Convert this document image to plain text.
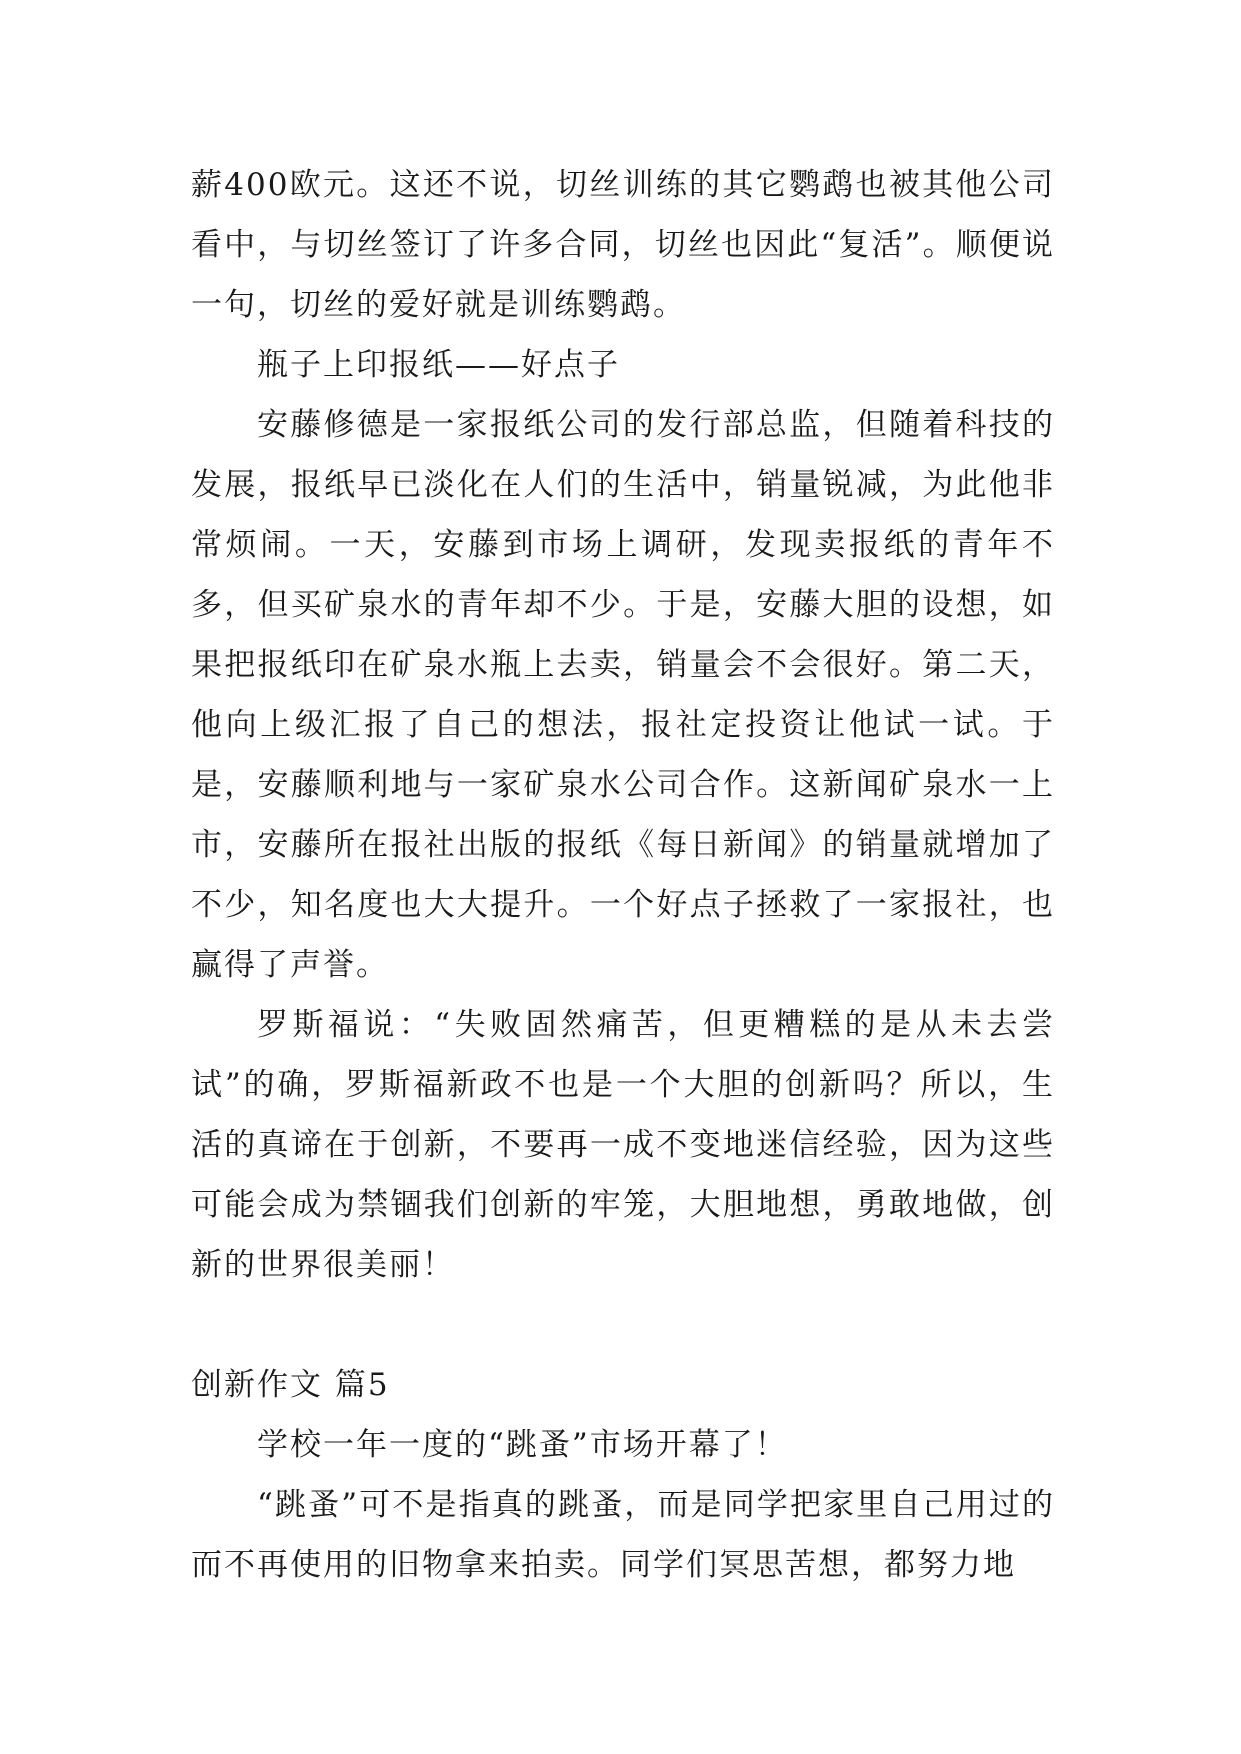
薪400欧元。这还不说，切丝训练的其它鹦鹉也被其他公司看中，与切丝签订了许多合同，切丝也因此“复活”。顺便说一句，切丝的爱好就是训练鹦鹉。

瓶子上印报纸——好点子

安藤修德是一家报纸公司的发行部总监，但随着科技的发展，报纸早已淡化在人们的生活中，销量锐减，为此他非常烦闹。一天，安藤到市场上调研，发现卖报纸的青年不多，但买矿泉水的青年却不少。于是，安藤大胆的设想，如果把报纸印在矿泉水瓶上去卖，销量会不会很好。第二天，他向上级汇报了自己的想法，报社定投资让他试一试。于是，安藤顺利地与一家矿泉水公司合作。这新闻矿泉水一上市，安藤所在报社出版的报纸《每日新闻》的销量就增加了不少，知名度也大大提升。一个好点子拯救了一家报社，也赢得了声誉。

罗斯福说：“失败固然痛苦，但更糟糕的是从未去尝试”的确，罗斯福新政不也是一个大胆的创新吗？所以，生活的真谛在于创新，不要再一成不变地迷信经验，因为这些可能会成为禁锢我们创新的牢笼，大胆地想，勇敢地做，创新的世界很美丽！

创新作文 篇5

学校一年一度的“跳蚤”市场开幕了！

“跳蚤”可不是指真的跳蚤，而是同学把家里自己用过的而不再使用的旧物拿来拍卖。同学们冥思苦想，都努力地
